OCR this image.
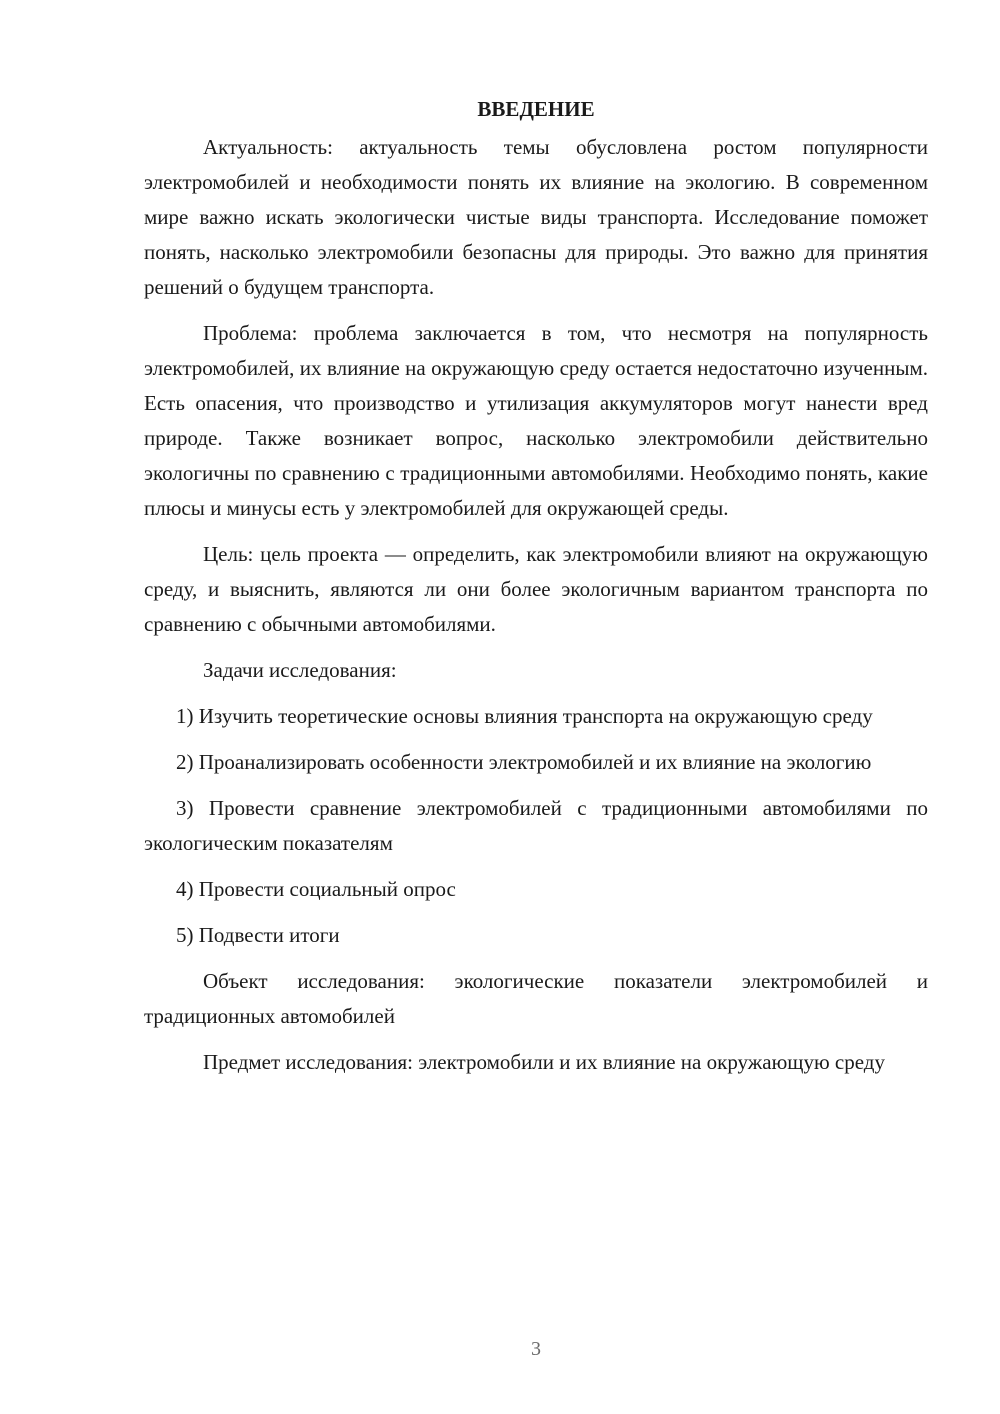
ВВЕДЕНИЕ

Актуальность: актуальность темы обусловлена ростом популярности электромобилей и необходимости понять их влияние на экологию. В современном мире важно искать экологически чистые виды транспорта. Исследование поможет понять, насколько электромобили безопасны для природы. Это важно для принятия решений о будущем транспорта.

Проблема: проблема заключается в том, что несмотря на популярность электромобилей, их влияние на окружающую среду остается недостаточно изученным. Есть опасения, что производство и утилизация аккумуляторов могут нанести вред природе. Также возникает вопрос, насколько электромобили действительно экологичны по сравнению с традиционными автомобилями. Необходимо понять, какие плюсы и минусы есть у электромобилей для окружающей среды.

Цель: цель проекта — определить, как электромобили влияют на окружающую среду, и выяснить, являются ли они более экологичным вариантом транспорта по сравнению с обычными автомобилями.

Задачи исследования:

1) Изучить теоретические основы влияния транспорта на окружающую среду

2) Проанализировать особенности электромобилей и их влияние на экологию

3) Провести сравнение электромобилей с традиционными автомобилями по экологическим показателям

4) Провести социальный опрос

5) Подвести итоги

Объект исследования: экологические показатели электромобилей и традиционных автомобилей

Предмет исследования: электромобили и их влияние на окружающую среду

3
